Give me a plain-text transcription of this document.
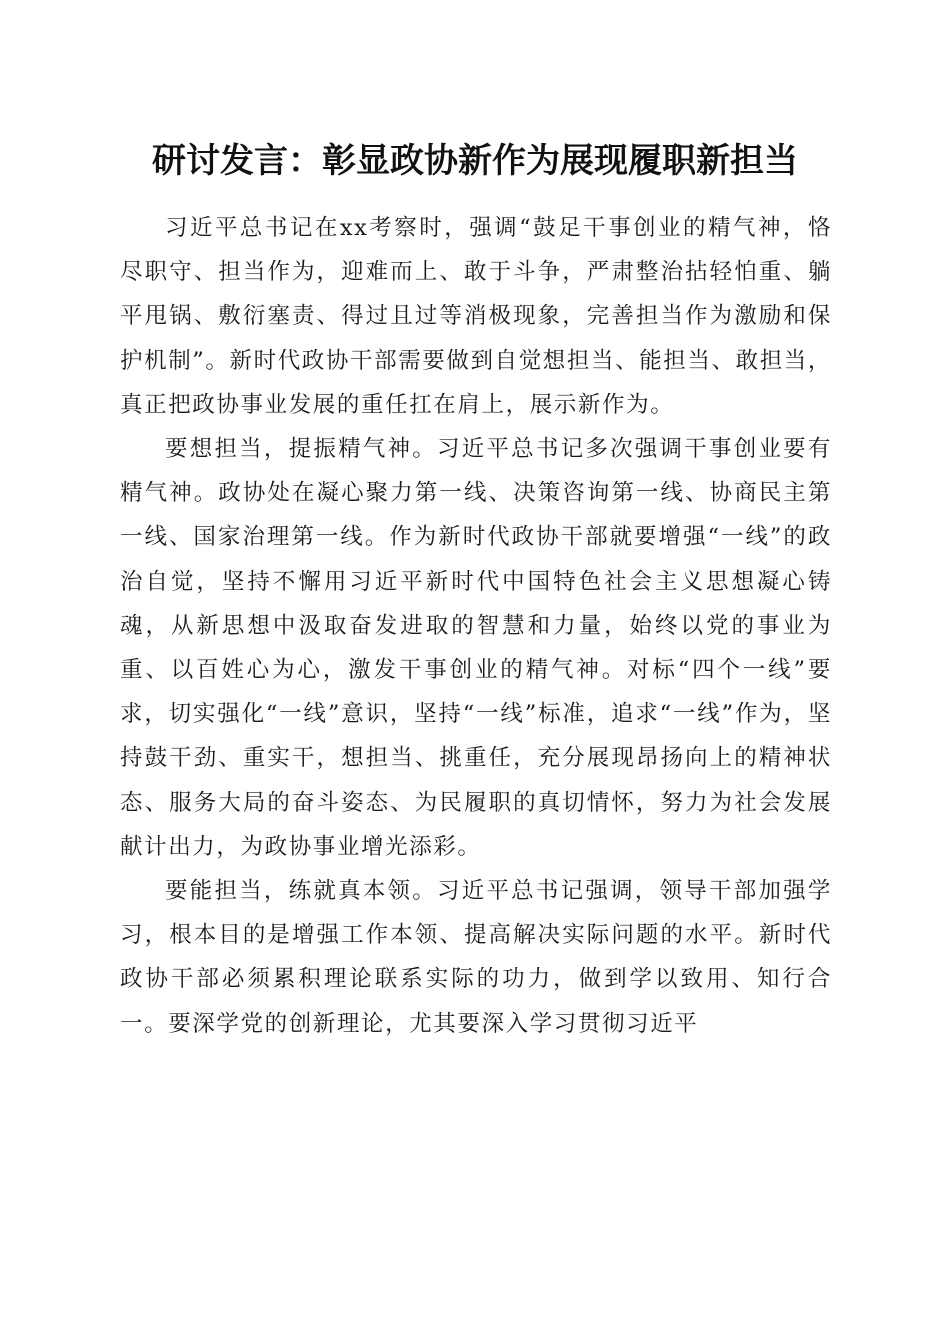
研讨发言：彰显政协新作为展现履职新担当

习近平总书记在xx考察时，强调“鼓足干事创业的精气神，恪尽职守、担当作为，迎难而上、敢于斗争，严肃整治拈轻怕重、躺平甩锅、敷衍塞责、得过且过等消极现象，完善担当作为激励和保护机制”。新时代政协干部需要做到自觉想担当、能担当、敢担当，真正把政协事业发展的重任扛在肩上，展示新作为。

要想担当，提振精气神。习近平总书记多次强调干事创业要有精气神。政协处在凝心聚力第一线、决策咨询第一线、协商民主第一线、国家治理第一线。作为新时代政协干部就要增强“一线”的政治自觉，坚持不懈用习近平新时代中国特色社会主义思想凝心铸魂，从新思想中汲取奋发进取的智慧和力量，始终以党的事业为重、以百姓心为心，激发干事创业的精气神。对标“四个一线”要求，切实强化“一线”意识，坚持“一线”标准，追求“一线”作为，坚持鼓干劲、重实干，想担当、挑重任，充分展现昂扬向上的精神状态、服务大局的奋斗姿态、为民履职的真切情怀，努力为社会发展献计出力，为政协事业增光添彩。

要能担当，练就真本领。习近平总书记强调，领导干部加强学习，根本目的是增强工作本领、提高解决实际问题的水平。新时代政协干部必须累积理论联系实际的功力，做到学以致用、知行合一。要深学党的创新理论，尤其要深入学习贯彻习近平
